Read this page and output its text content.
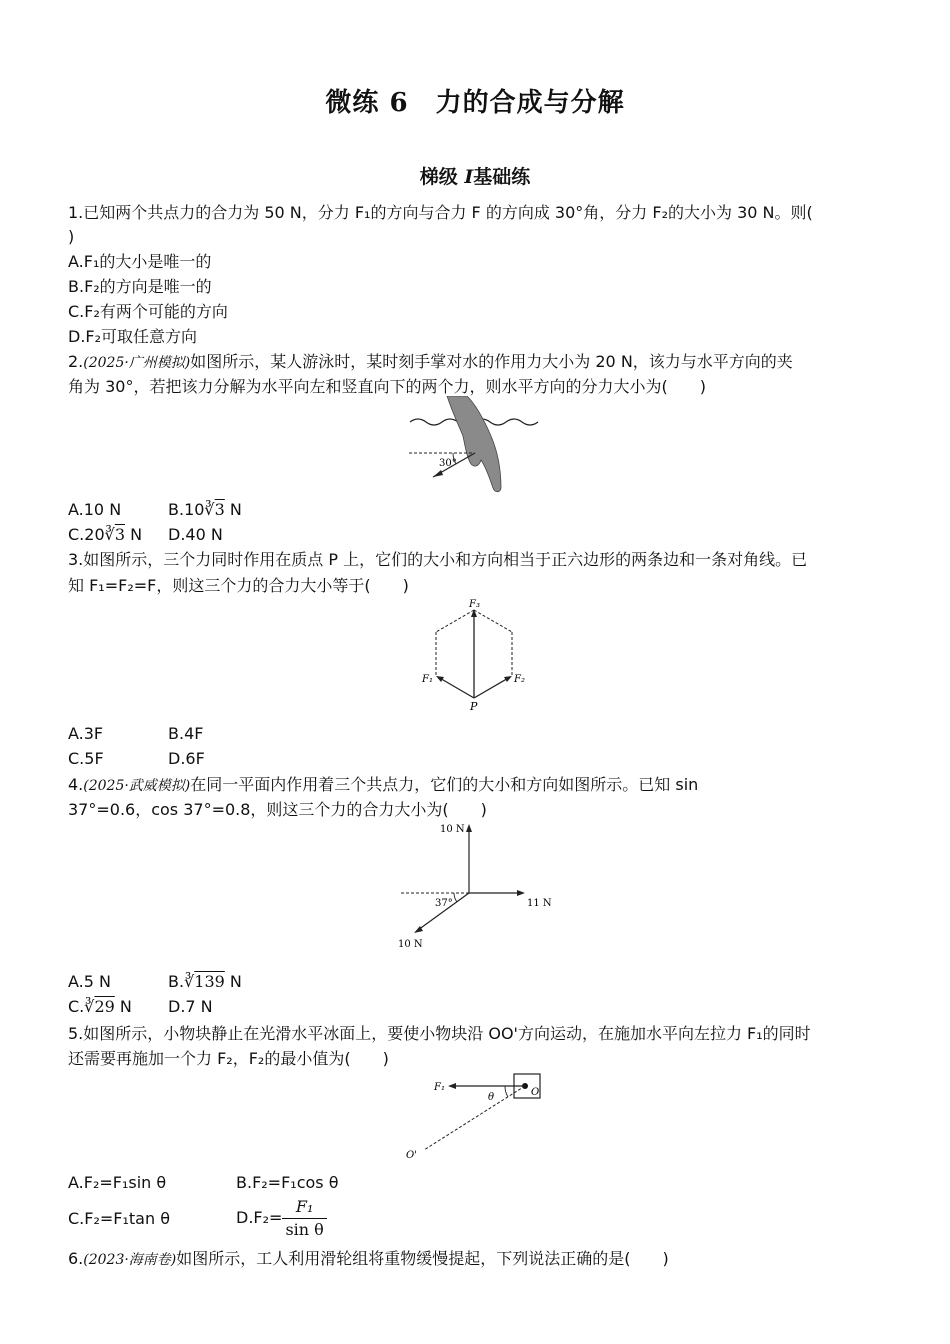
微练 6　力的合成与分解
梯级 Ⅰ基础练
1.已知两个共点力的合力为 50 N，分力 F₁的方向与合力 F 的方向成 30°角，分力 F₂的大小为 30 N。则(
)
A.F₁的大小是唯一的
B.F₂的方向是唯一的
C.F₂有两个可能的方向
D.F₂可取任意方向
2.(2025·广州模拟)如图所示，某人游泳时，某时刻手掌对水的作用力大小为 20 N，该力与水平方向的夹
角为 30°，若把该力分解为水平向左和竖直向下的两个力，则水平方向的分力大小为(　　)
30°
A.10 N	B.10∛3 N
C.20∛3 N D.40 N
3.如图所示，三个力同时作用在质点 P 上，它们的大小和方向相当于正六边形的两条边和一条对角线。已
知 F₁=F₂=F，则这三个力的合力大小等于(　　)
F₃
F₁	F₂
P
A.3F	B.4F
C.5F	D.6F
4.(2025·武威模拟)在同一平面内作用着三个共点力，它们的大小和方向如图所示。已知 sin
37°=0.6，cos 37°=0.8，则这三个力的合力大小为(　　)
10 N
11 N
10 N
37°
A.5 N	B.∛139 N
C.∛29 N D.7 N
5.如图所示，小物块静止在光滑水平冰面上，要使小物块沿 OO'方向运动，在施加水平向左拉力 F₁的同时
还需要再施加一个力 F₂，F₂的最小值为(　　)
F₁
θ	O
O'
A.F₂=F₁sin θ	B.F₂=F₁cos θ
C.F₂=F₁tan θ	$D.F_2= \frac{\text{F₁}}{\text{sin θ}}$
6.(2023·海南卷)如图所示，工人利用滑轮组将重物缓慢提起，下列说法正确的是(　　)
